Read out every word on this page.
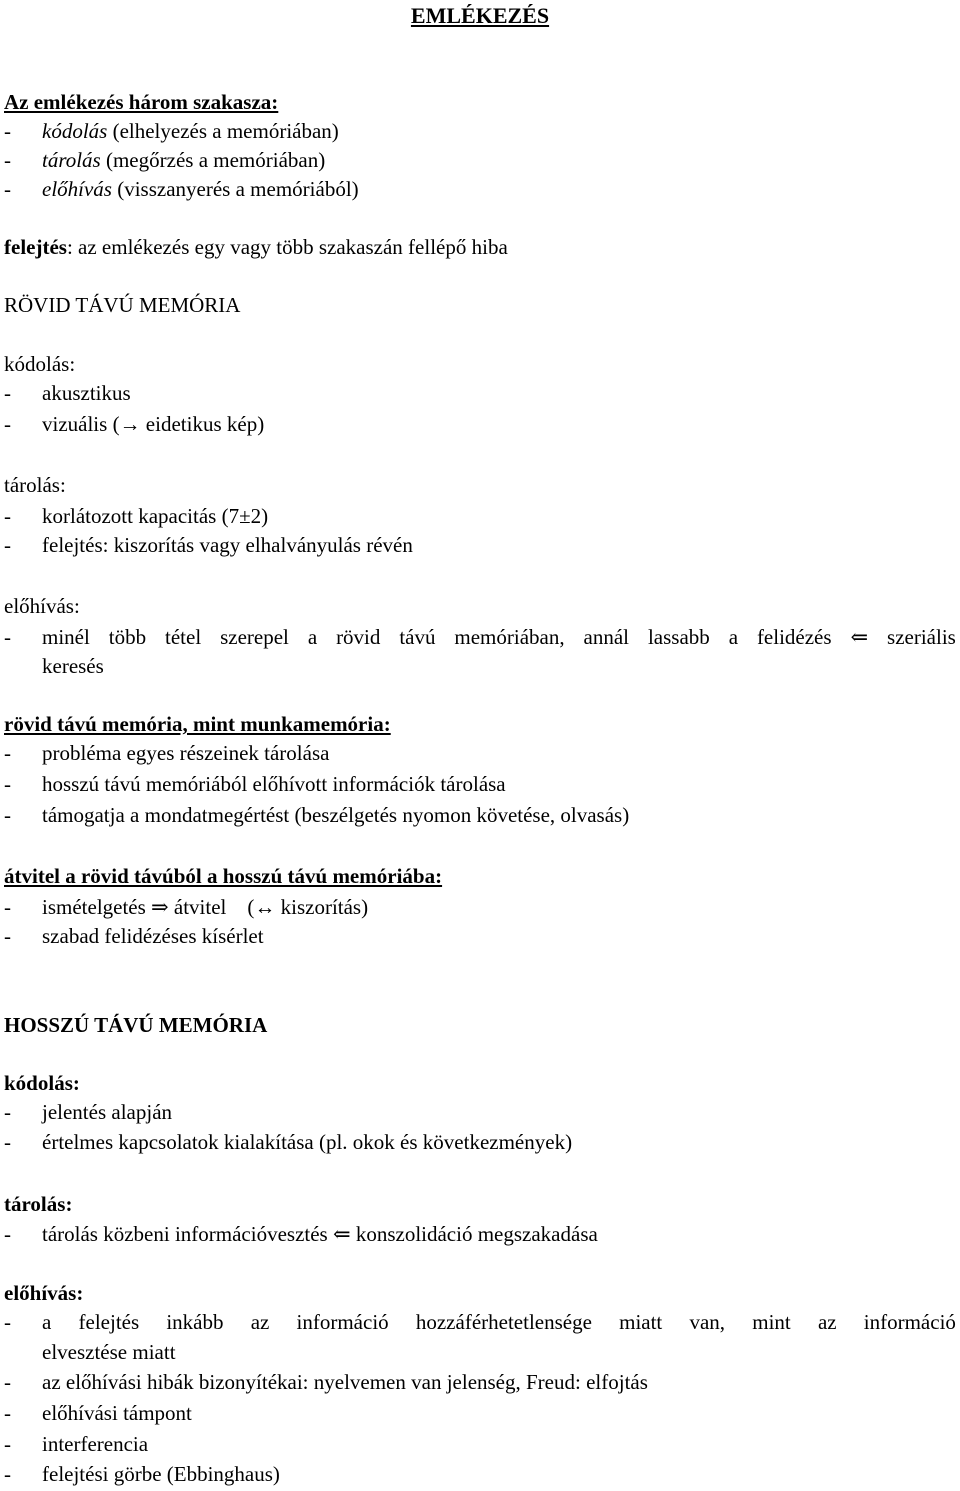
EMLÉKEZÉS
Az emlékezés három szakasza:
- kódolás (elhelyezés a memóriában)
- tárolás (megőrzés a memóriában)
- előhívás (visszanyerés a memóriából)
felejtés: az emlékezés egy vagy több szakaszán fellépő hiba
RÖVID TÁVÚ MEMÓRIA
kódolás:
- akusztikus
- vizuális (→ eidetikus kép)
tárolás:
- korlátozott kapacitás (7±2)
- felejtés: kiszorítás vagy elhalványulás révén
előhívás:
-	minél több tétel szerepel a rövid távú memóriában, annál lassabb a felidézés ⇐ szeriális
keresés
rövid távú memória, mint munkamemória:
- probléma egyes részeinek tárolása
- hosszú távú memóriából előhívott információk tárolása
- támogatja a mondatmegértést (beszélgetés nyomon követése, olvasás)
átvitel a rövid távúból a hosszú távú memóriába:
- ismételgetés ⇒ átvitel    (↔ kiszorítás)
- szabad felidézéses kísérlet
HOSSZÚ TÁVÚ MEMÓRIA
kódolás:
- jelentés alapján
- értelmes kapcsolatok kialakítása (pl. okok és következmények)
tárolás:
- tárolás közbeni információvesztés ⇐ konszolidáció megszakadása
előhívás:
-	a felejtés inkább az információ hozzáférhetetlensége miatt van, mint az információ
elvesztése miatt
- az előhívási hibák bizonyítékai: nyelvemen van jelenség, Freud: elfojtás
- előhívási támpont
- interferencia
- felejtési görbe (Ebbinghaus)
